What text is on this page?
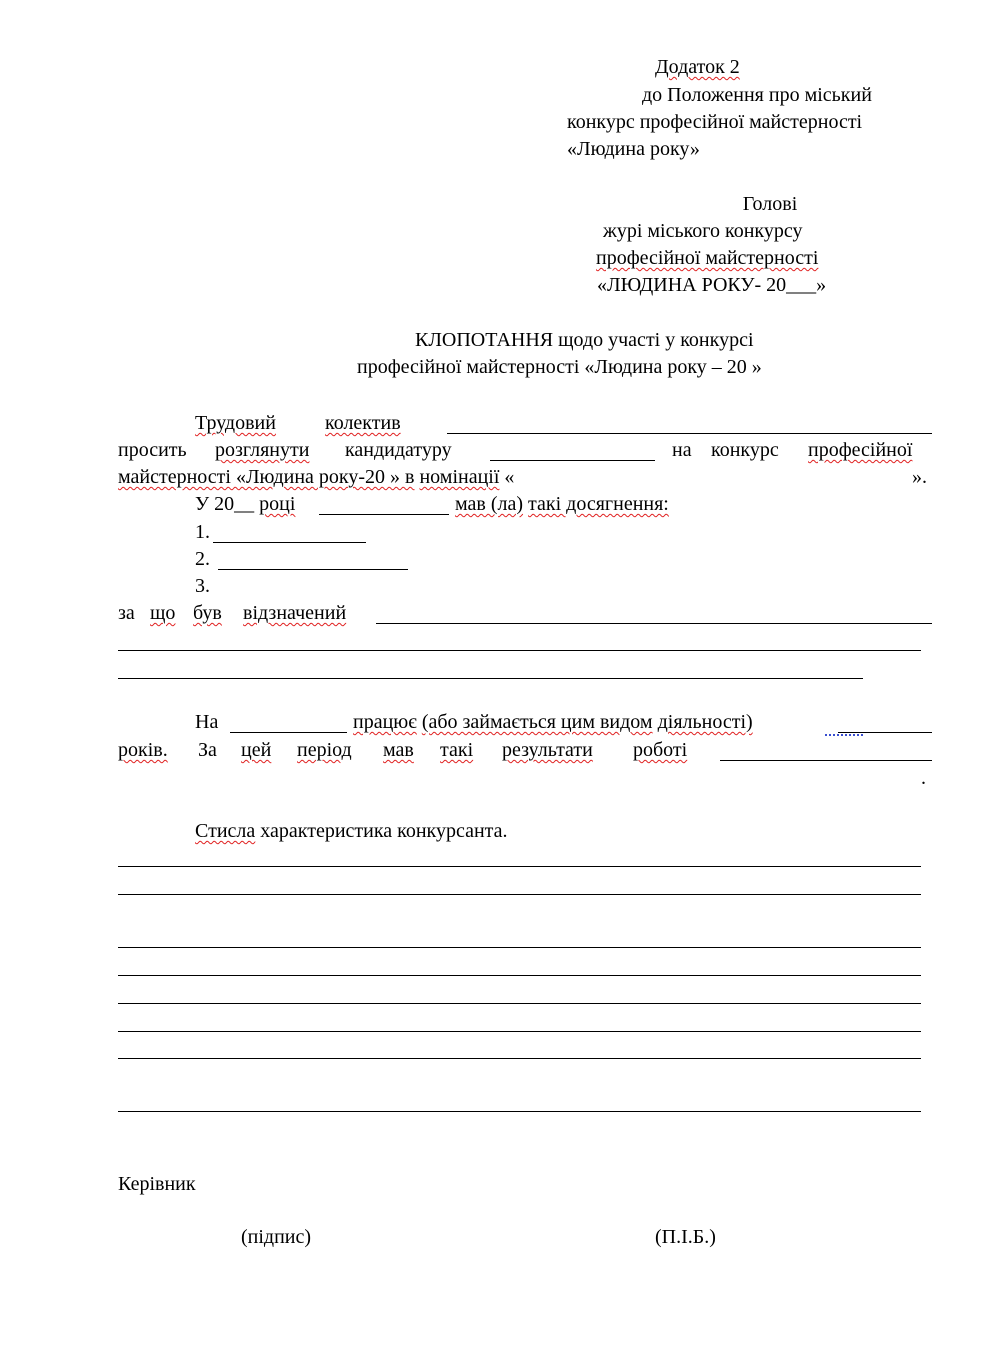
Додаток 2
до Положення про міський
конкурс професійної майстерності
«Людина року»
Голові
журі міського конкурсу
професійної майстерності
«ЛЮДИНА РОКУ- 20___»
КЛОПОТАННЯ щодо участі у конкурсі
професійної майстерності «Людина року – 20 »
Трудовий колектив
просить розглянути кандидатуру	на конкурс професійної
майстерності «Людина року-20 » в номінації «	».
У 20__ році	мав (ла) такі досягнення:
1.
2.
3.
за що був відзначений
На	працює (або займається цим видом діяльності)
років. За цей період мав такі результати роботі
.
Стисла характеристика конкурсанта.
Керівник
(підпис)	(П.І.Б.)
